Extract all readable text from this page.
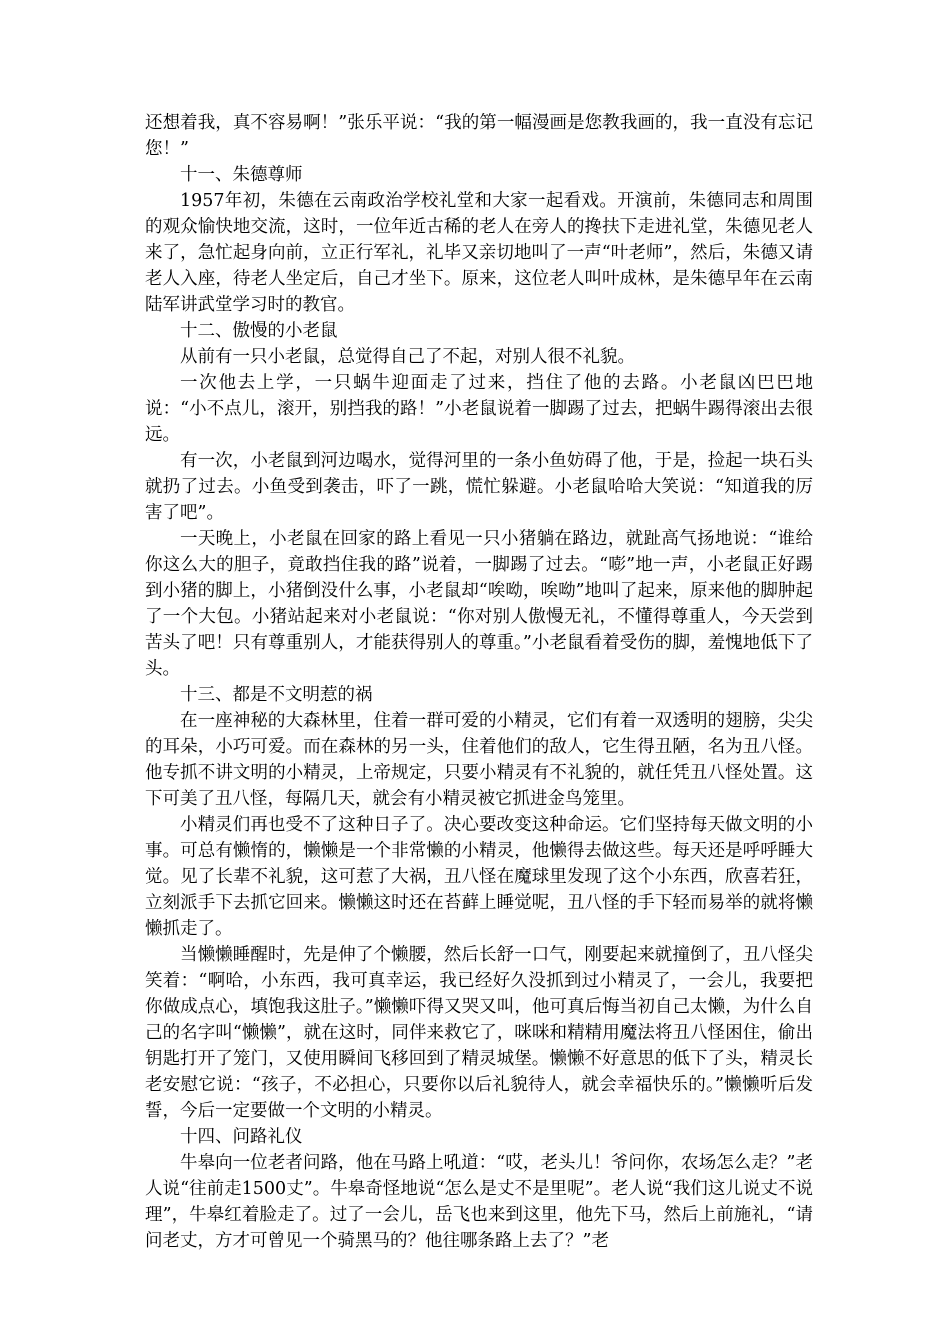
还想着我，真不容易啊！”张乐平说：“我的第一幅漫画是您教我画的，我一直没有忘记您！”

十一、朱德尊师

1957年初，朱德在云南政治学校礼堂和大家一起看戏。开演前，朱德同志和周围的观众愉快地交流，这时，一位年近古稀的老人在旁人的搀扶下走进礼堂，朱德见老人来了，急忙起身向前，立正行军礼，礼毕又亲切地叫了一声“叶老师”，然后，朱德又请老人入座，待老人坐定后，自己才坐下。原来，这位老人叫叶成林，是朱德早年在云南陆军讲武堂学习时的教官。

十二、傲慢的小老鼠

从前有一只小老鼠，总觉得自己了不起，对别人很不礼貌。

一次他去上学，一只蜗牛迎面走了过来，挡住了他的去路。小老鼠凶巴巴地说：“小不点儿，滚开，别挡我的路！”小老鼠说着一脚踢了过去，把蜗牛踢得滚出去很远。

有一次，小老鼠到河边喝水，觉得河里的一条小鱼妨碍了他，于是，捡起一块石头就扔了过去。小鱼受到袭击，吓了一跳，慌忙躲避。小老鼠哈哈大笑说：“知道我的厉害了吧”。

一天晚上，小老鼠在回家的路上看见一只小猪躺在路边，就趾高气扬地说：“谁给你这么大的胆子，竟敢挡住我的路”说着，一脚踢了过去。“嘭”地一声，小老鼠正好踢到小猪的脚上，小猪倒没什么事，小老鼠却“唉呦，唉呦”地叫了起来，原来他的脚肿起了一个大包。小猪站起来对小老鼠说：“你对别人傲慢无礼，不懂得尊重人，今天尝到苦头了吧！只有尊重别人，才能获得别人的尊重。”小老鼠看着受伤的脚，羞愧地低下了头。

十三、都是不文明惹的祸

在一座神秘的大森林里，住着一群可爱的小精灵，它们有着一双透明的翅膀，尖尖的耳朵，小巧可爱。而在森林的另一头，住着他们的敌人，它生得丑陋，名为丑八怪。他专抓不讲文明的小精灵，上帝规定，只要小精灵有不礼貌的，就任凭丑八怪处置。这下可美了丑八怪，每隔几天，就会有小精灵被它抓进金鸟笼里。

小精灵们再也受不了这种日子了。决心要改变这种命运。它们坚持每天做文明的小事。可总有懒惰的，懒懒是一个非常懒的小精灵，他懒得去做这些。每天还是呼呼睡大觉。见了长辈不礼貌，这可惹了大祸，丑八怪在魔球里发现了这个小东西，欣喜若狂，立刻派手下去抓它回来。懒懒这时还在苔藓上睡觉呢，丑八怪的手下轻而易举的就将懒懒抓走了。

当懒懒睡醒时，先是伸了个懒腰，然后长舒一口气，刚要起来就撞倒了，丑八怪尖笑着：“啊哈，小东西，我可真幸运，我已经好久没抓到过小精灵了，一会儿，我要把你做成点心，填饱我这肚子。”懒懒吓得又哭又叫，他可真后悔当初自己太懒，为什么自己的名字叫“懒懒”，就在这时，同伴来救它了，咪咪和精精用魔法将丑八怪困住，偷出钥匙打开了笼门，又使用瞬间飞移回到了精灵城堡。懒懒不好意思的低下了头，精灵长老安慰它说：“孩子，不必担心，只要你以后礼貌待人，就会幸福快乐的。”懒懒听后发誓，今后一定要做一个文明的小精灵。

十四、问路礼仪

牛皋向一位老者问路，他在马路上吼道：“哎，老头儿！爷问你，农场怎么走？”老人说“往前走1500丈”。牛皋奇怪地说“怎么是丈不是里呢”。老人说“我们这儿说丈不说理”，牛皋红着脸走了。过了一会儿，岳飞也来到这里，他先下马，然后上前施礼，“请问老丈，方才可曾见一个骑黑马的？他往哪条路上去了？”老
